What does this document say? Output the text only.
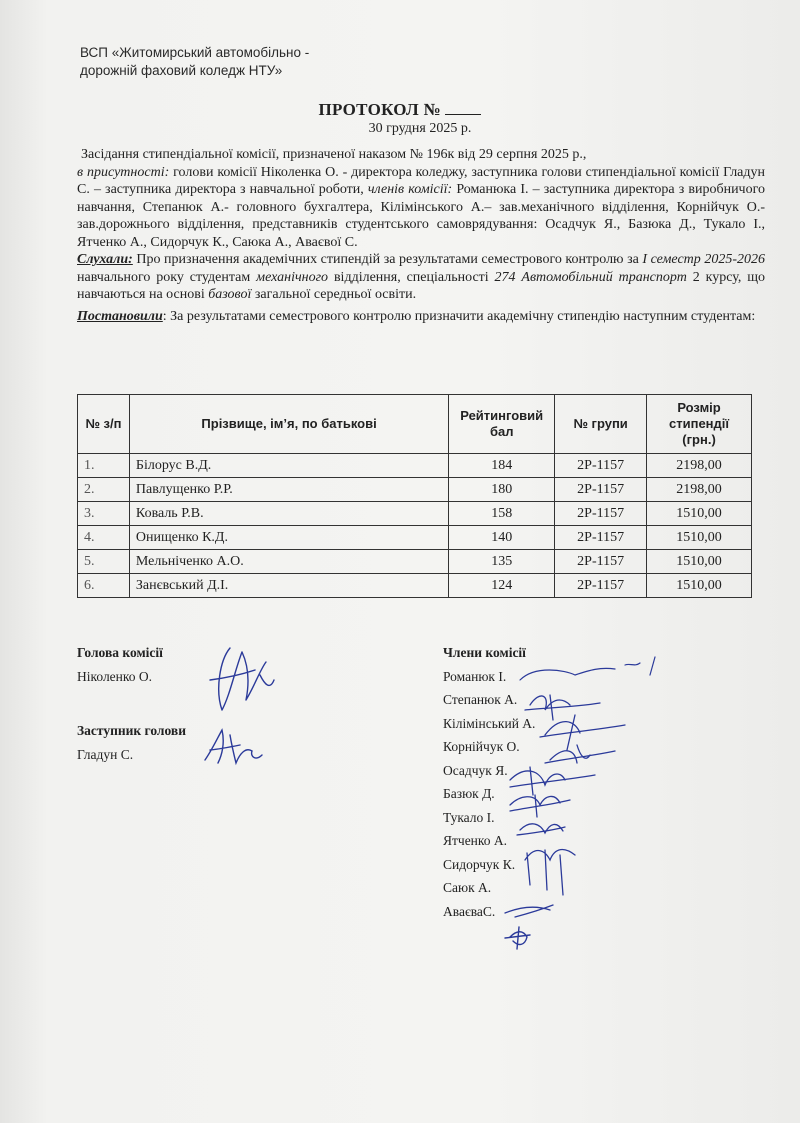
ВСП «Житомирський автомобільно -
дорожній фаховий коледж НТУ»
ПРОТОКОЛ №
30 грудня 2025 р.

Засідання стипендіальної комісії, призначеної наказом № 196к від 29 серпня 2025 р.,

в присутності: голови комісії Ніколенка О. - директора коледжу, заступника голови стипендіальної комісії Гладун С. – заступника директора з навчальної роботи, членів комісії: Романюка І. – заступника директора з виробничого навчання, Степанюк А.- головного бухгалтера, Кілімінського А.– зав.механічного відділення, Корнійчук О.- зав.дорожнього відділення, представників студентського самоврядування: Осадчук Я., Базюка Д., Тукало І., Ятченко А., Сидорчук К., Саюка А., Аваєвої С.

Слухали: Про призначення академічних стипендій за результатами семестрового контролю за I семестр 2025-2026 навчального року студентам механічного відділення, спеціальності 274 Автомобільний транспорт 2 курсу, що навчаються на основі базової загальної середньої освіти.

Постановили: За результатами семестрового контролю призначити академічну стипендію наступним студентам:

№ з/п	Прізвище, ім’я, по батькові	Рейтинговий бал	№ групи	Розмір стипендії (грн.)
1.	Білорус В.Д.	184	2Р-1157	2198,00
2.	Павлущенко Р.Р.	180	2Р-1157	2198,00
3.	Коваль Р.В.	158	2Р-1157	1510,00
4.	Онищенко К.Д.	140	2Р-1157	1510,00
5.	Мельніченко А.О.	135	2Р-1157	1510,00
6.	Занєвський Д.І.	124	2Р-1157	1510,00
Голова комісії
Ніколенко О.
Заступник голови
Гладун С.
Члени комісії
Романюк І.
Степанюк А.
Кілімінський А.
Корнійчук О.
Осадчук Я.
Базюк Д.
Тукало І.
Ятченко А.
Сидорчук К.
Саюк А.
АваєваС.
